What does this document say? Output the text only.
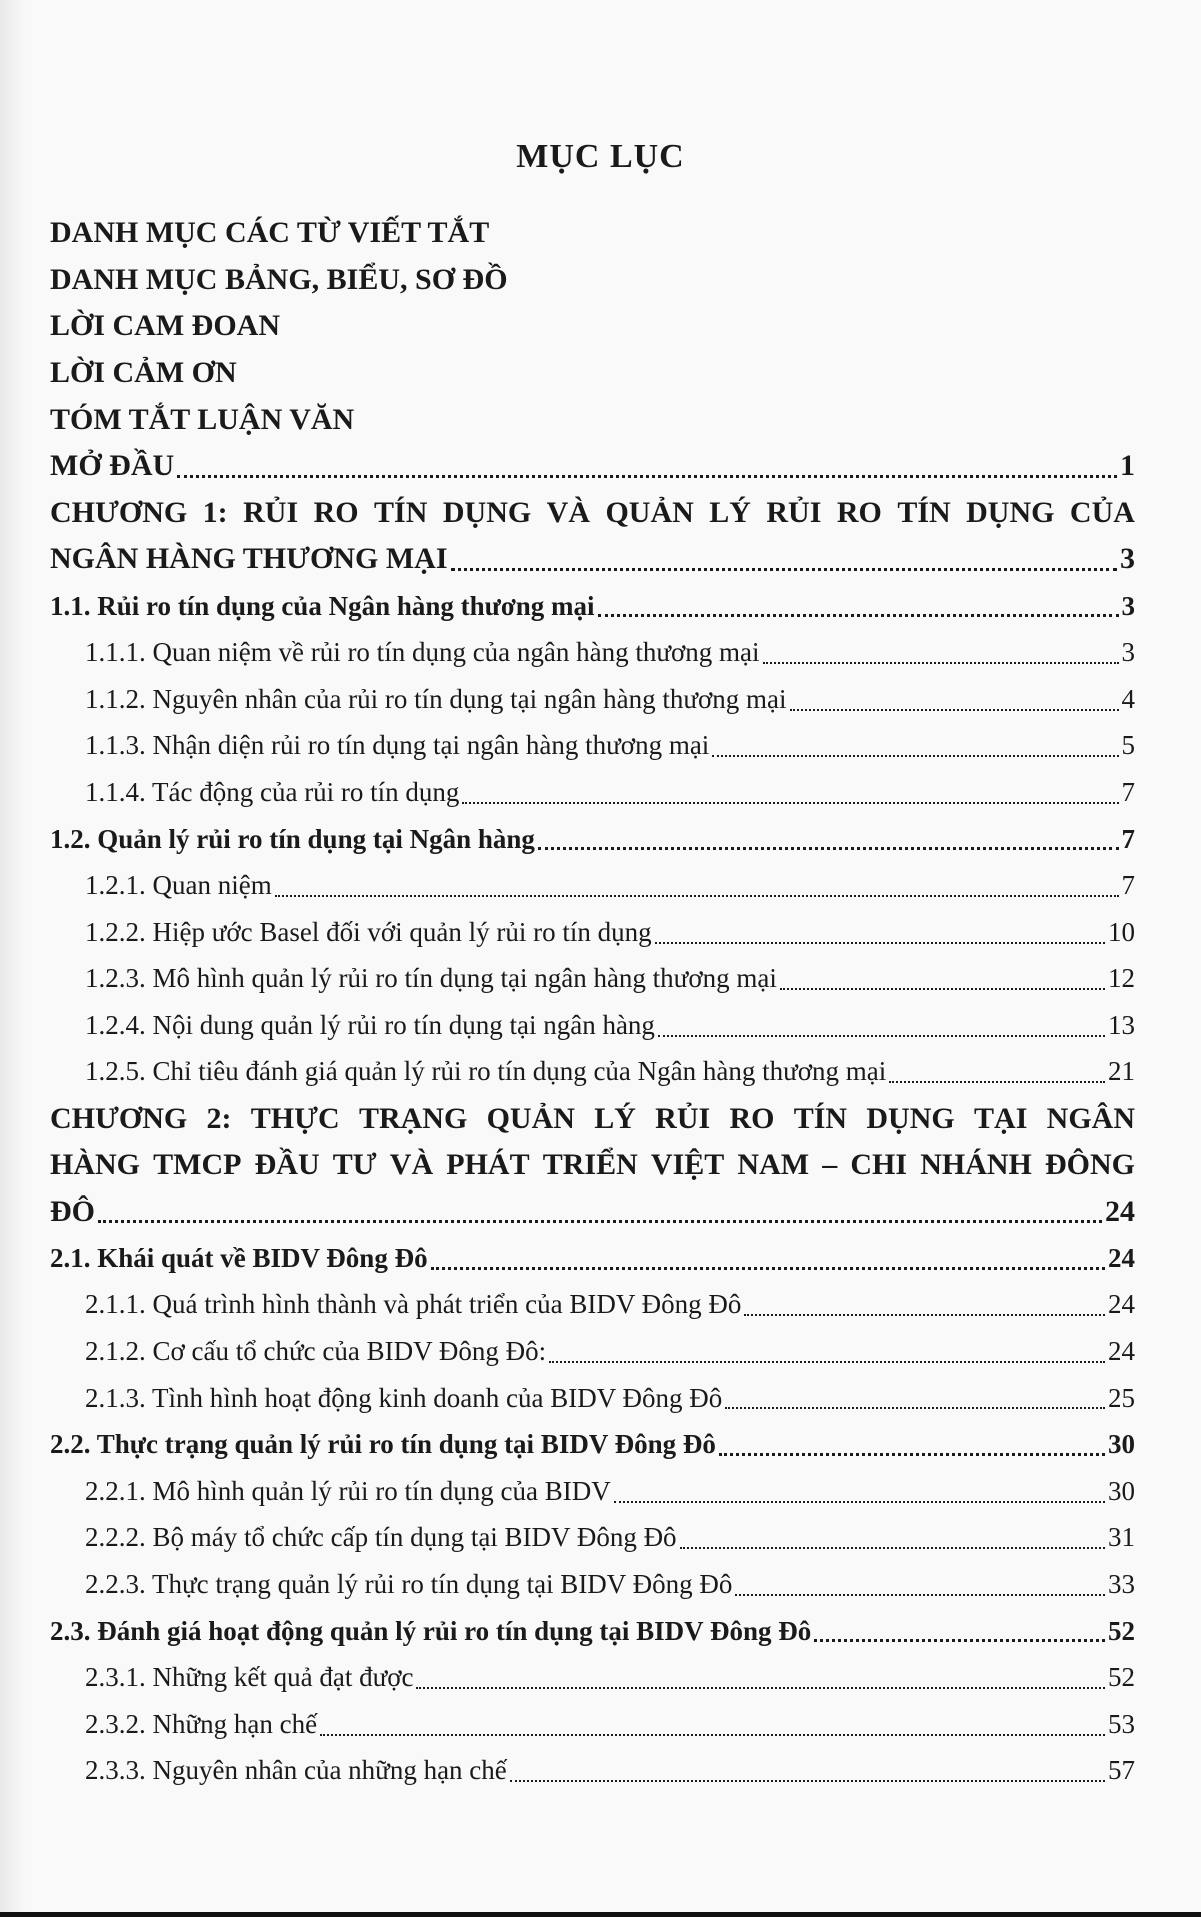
MỤC LỤC
DANH MỤC CÁC TỪ VIẾT TẮT
DANH MỤC BẢNG, BIỂU, SƠ ĐỒ
LỜI CAM ĐOAN
LỜI CẢM ƠN
TÓM TẮT LUẬN VĂN
MỞ ĐẦU	1
CHƯƠNG 1: RỦI RO TÍN DỤNG VÀ QUẢN LÝ RỦI RO TÍN DỤNG CỦA
NGÂN HÀNG THƯƠNG MẠI	3
1.1. Rủi ro tín dụng của Ngân hàng thương mại	3
1.1.1. Quan niệm về rủi ro tín dụng của ngân hàng thương mại	3
1.1.2. Nguyên nhân của rủi ro tín dụng tại ngân hàng thương mại	4
1.1.3. Nhận diện rủi ro tín dụng tại ngân hàng thương mại	5
1.1.4. Tác động của rủi ro tín dụng	7
1.2. Quản lý rủi ro tín dụng tại Ngân hàng	7
1.2.1. Quan niệm	7
1.2.2. Hiệp ước Basel đối với quản lý rủi ro tín dụng	10
1.2.3. Mô hình quản lý rủi ro tín dụng tại ngân hàng thương mại	12
1.2.4. Nội dung quản lý rủi ro tín dụng tại ngân hàng	13
1.2.5. Chỉ tiêu đánh giá quản lý rủi ro tín dụng của Ngân hàng thương mại	21
CHƯƠNG 2: THỰC TRẠNG QUẢN LÝ RỦI RO TÍN DỤNG TẠI NGÂN
HÀNG TMCP ĐẦU TƯ VÀ PHÁT TRIỂN VIỆT NAM – CHI NHÁNH ĐÔNG
ĐÔ	24
2.1. Khái quát về BIDV Đông Đô	24
2.1.1. Quá trình hình thành và phát triển của BIDV Đông Đô	24
2.1.2. Cơ cấu tổ chức của BIDV Đông Đô:	24
2.1.3. Tình hình hoạt động kinh doanh của BIDV Đông Đô	25
2.2. Thực trạng quản lý rủi ro tín dụng tại BIDV Đông Đô	30
2.2.1. Mô hình quản lý rủi ro tín dụng của BIDV	30
2.2.2. Bộ máy tổ chức cấp tín dụng tại BIDV Đông Đô	31
2.2.3. Thực trạng quản lý rủi ro tín dụng tại BIDV Đông Đô	33
2.3. Đánh giá hoạt động quản lý rủi ro tín dụng tại BIDV Đông Đô	52
2.3.1. Những kết quả đạt được	52
2.3.2. Những hạn chế	53
2.3.3. Nguyên nhân của những hạn chế	57
